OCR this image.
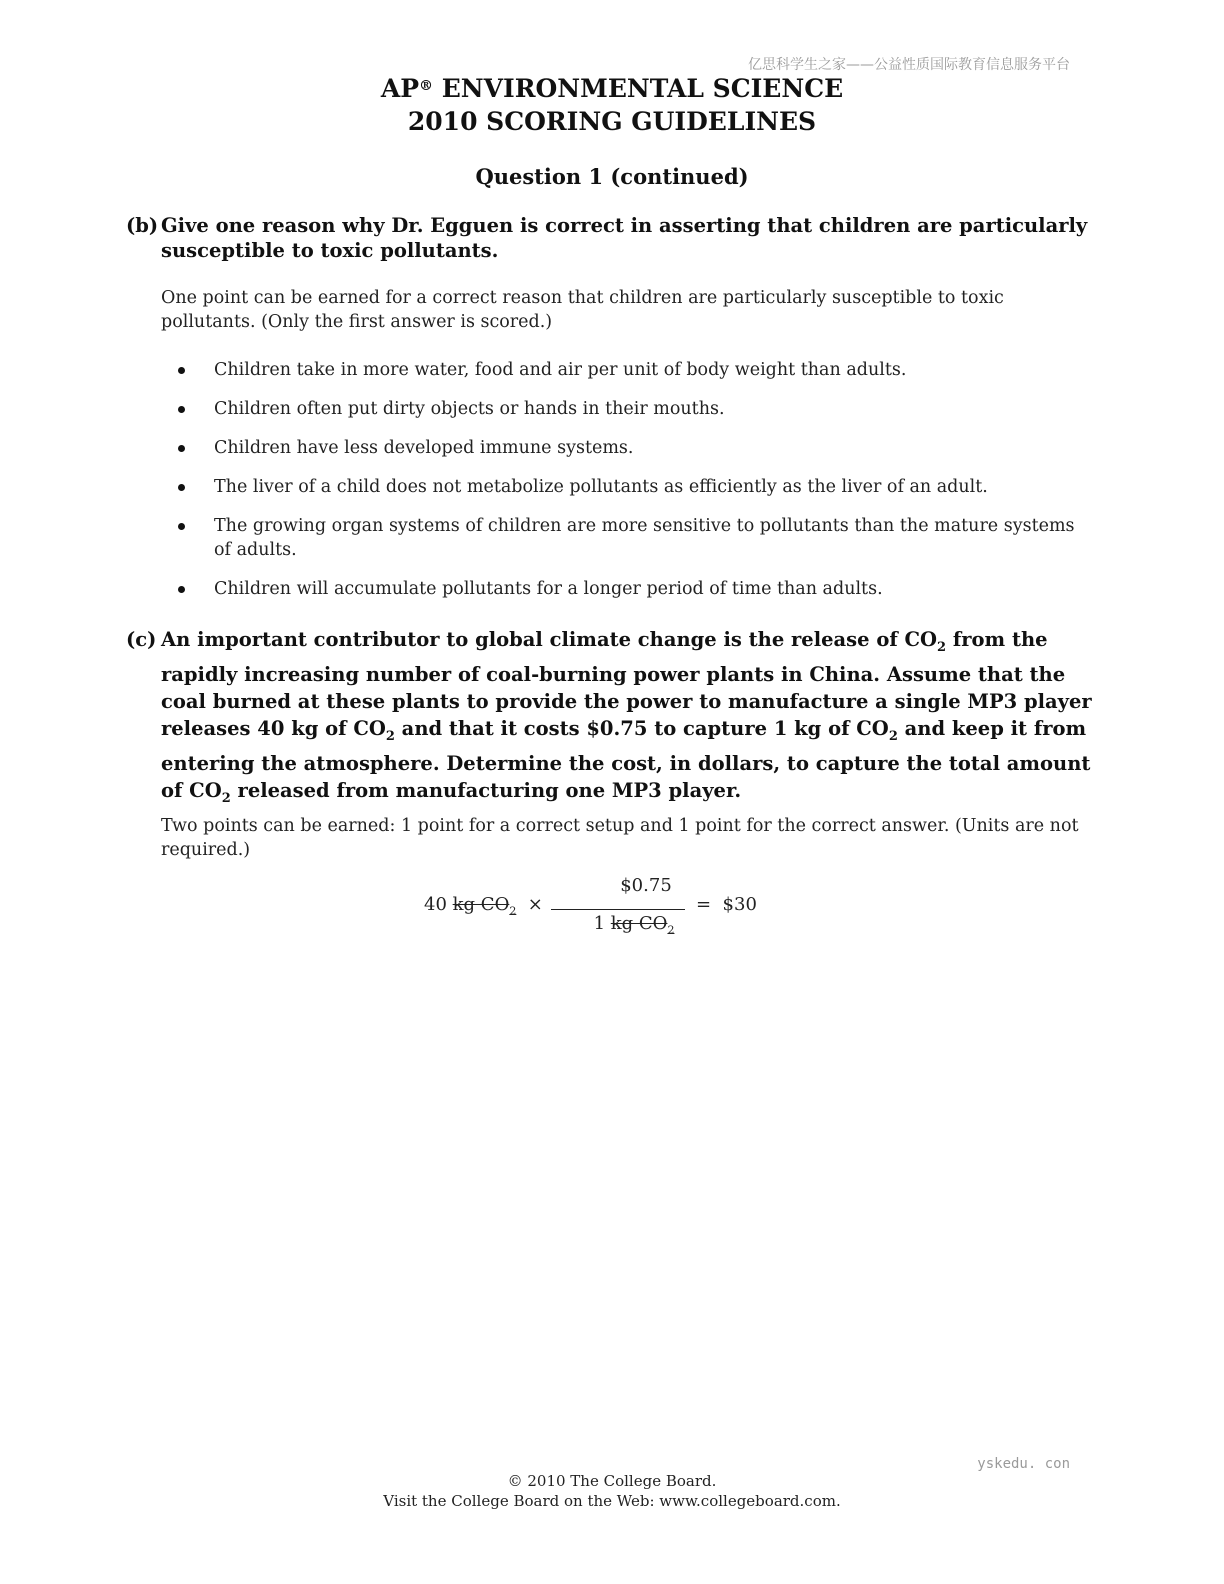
亿思科学生之家——公益性质国际教育信息服务平台
AP® ENVIRONMENTAL SCIENCE
2010 SCORING GUIDELINES
Question 1 (continued)
(b) Give one reason why Dr. Egguen is correct in asserting that children are particularly susceptible to toxic pollutants.
One point can be earned for a correct reason that children are particularly susceptible to toxic pollutants. (Only the first answer is scored.)
Children take in more water, food and air per unit of body weight than adults.
Children often put dirty objects or hands in their mouths.
Children have less developed immune systems.
The liver of a child does not metabolize pollutants as efficiently as the liver of an adult.
The growing organ systems of children are more sensitive to pollutants than the mature systems of adults.
Children will accumulate pollutants for a longer period of time than adults.
(c) An important contributor to global climate change is the release of $CO_2$ from the rapidly increasing number of coal-burning power plants in China. Assume that the coal burned at these plants to provide the power to manufacture a single MP3 player releases 40 kg of $CO_2$ and that it costs $0.75 to capture 1 kg of $CO_2$ and keep it from entering the atmosphere. Determine the cost, in dollars, to capture the total amount of $CO_2$ released from manufacturing one MP3 player.
Two points can be earned: 1 point for a correct setup and 1 point for the correct answer. (Units are not required.)
40 kg $CO_2$ ×
$0.75
1 kg $CO_2$
= $30
yskedu. con
© 2010 The College Board.
Visit the College Board on the Web: www.collegeboard.com.
